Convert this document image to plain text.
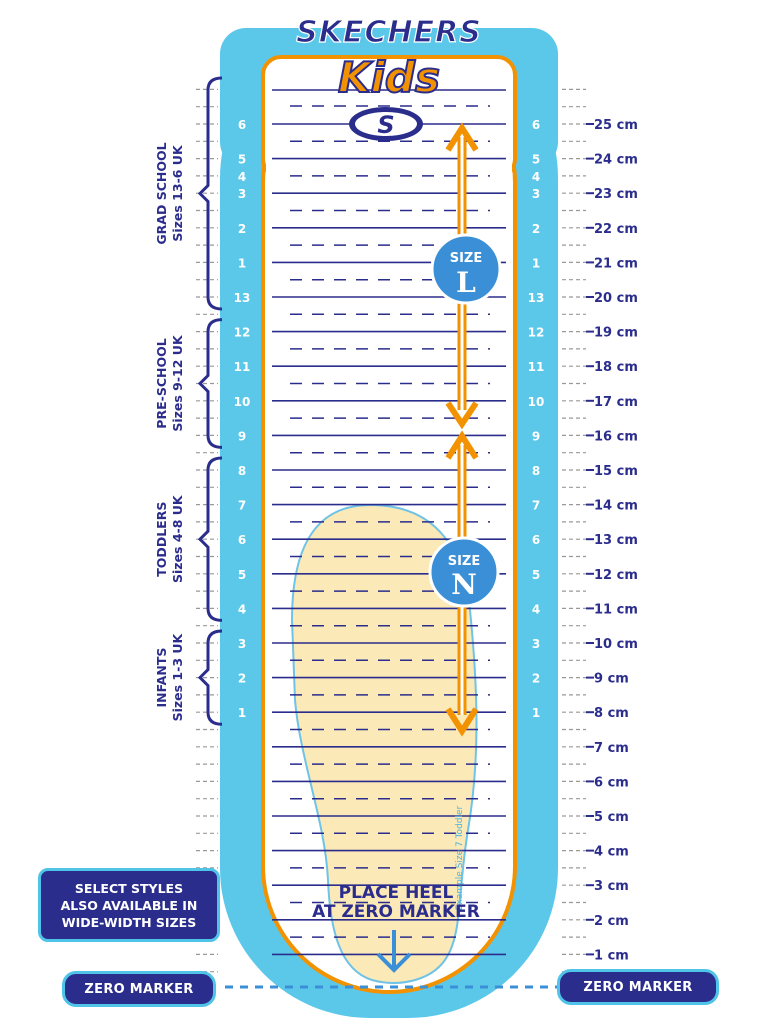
1
2
3
4
5
6
7
8
9
10
11
12
13
1
2
3
4
5
6
1
2
3
4
5
6
7
8
9
10
11
12
13
1
2
3
4
5
6	25 cm
24 cm
23 cm
22 cm
21 cm
20 cm
19 cm
18 cm
17 cm
16 cm
15 cm
14 cm
13 cm
12 cm
11 cm
10 cm
9 cm
8 cm
7 cm
6 cm
5 cm
4 cm
3 cm
2 cm
1 cm
GRAD SCHOOL Sizes 13-6 UK
PRE-SCHOOL Sizes 9-12 UK
TODDLERS Sizes 4-8 UK
INFANTS Sizes 1-3 UK
SKECHERS
Kids
S
SIZE
L
SIZE
N
Example Size 7 Toddler
PLACE HEEL
AT ZERO MARKER
SELECT STYLES
ALSO AVAILABLE IN
WIDE-WIDTH SIZES
ZERO MARKER	ZERO MARKER
